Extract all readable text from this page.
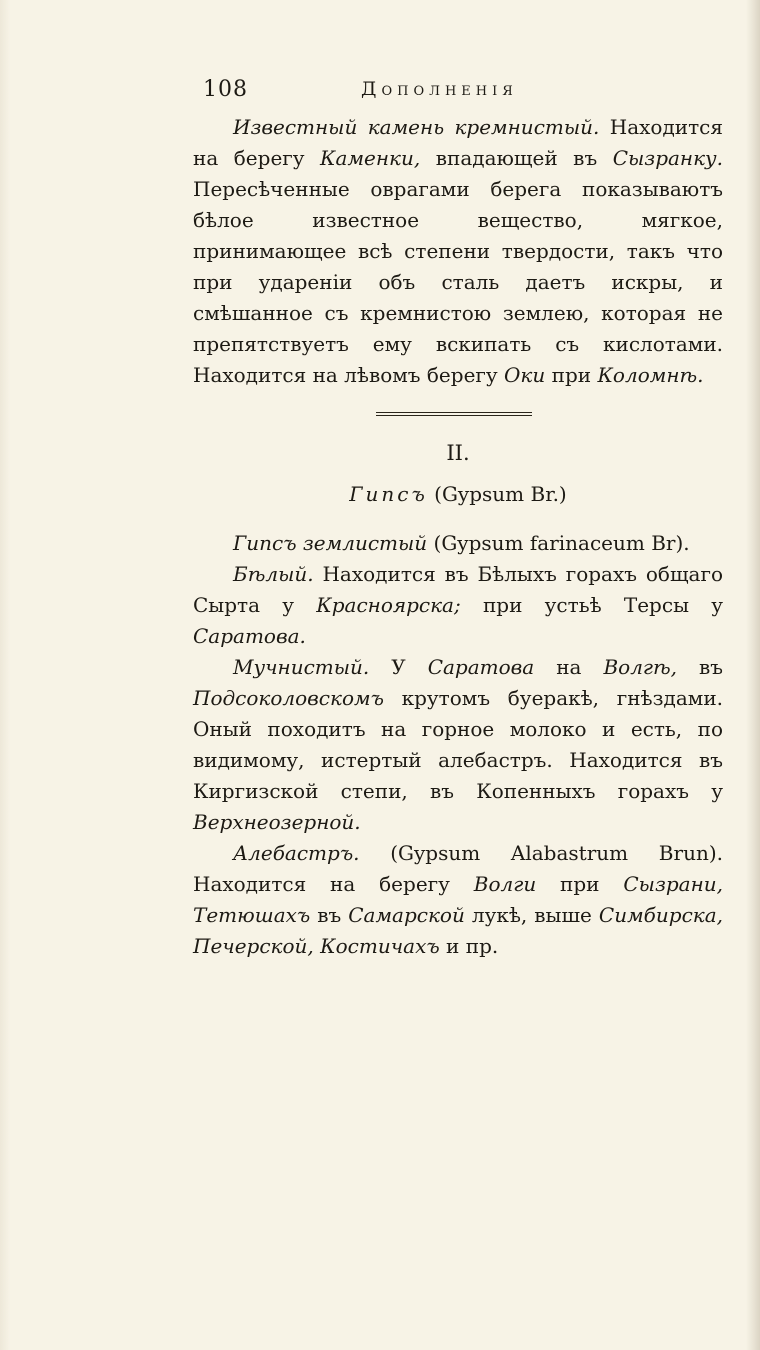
108	Дополненія

Известный камень кремнистый. Находится на берегу Каменки, впадающей въ Сызранку. Пересѣченные оврагами берега показываютъ бѣлое известное вещество, мягкое, принимающее всѣ степени твердости, такъ что при удареніи объ сталь даетъ искры, и смѣшанное съ кремнистою землею, которая не препятствуетъ ему вскипать съ кислотами. Находится на лѣвомъ берегу Оки при Коломнѣ.

II.
Гипсъ (Gypsum Br.)

Гипсъ землистый (Gypsum farinaceum Br).

Бѣлый. Находится въ Бѣлыхъ горахъ общаго Сырта у Красноярска; при устьѣ Терсы у Саратова.

Мучнистый. У Саратова на Волгѣ, въ Подсоколовскомъ крутомъ буеракѣ, гнѣздами. Оный походитъ на горное молоко и есть, по видимому, истертый алебастръ. Находится въ Киргизской степи, въ Копенныхъ горахъ у Верхнеозерной.

Алебастръ. (Gypsum Alabastrum Brun). Находится на берегу Волги при Сызрани, Тетюшахъ въ Самарской лукѣ, выше Симбирска, Печерской, Костичахъ и пр.
